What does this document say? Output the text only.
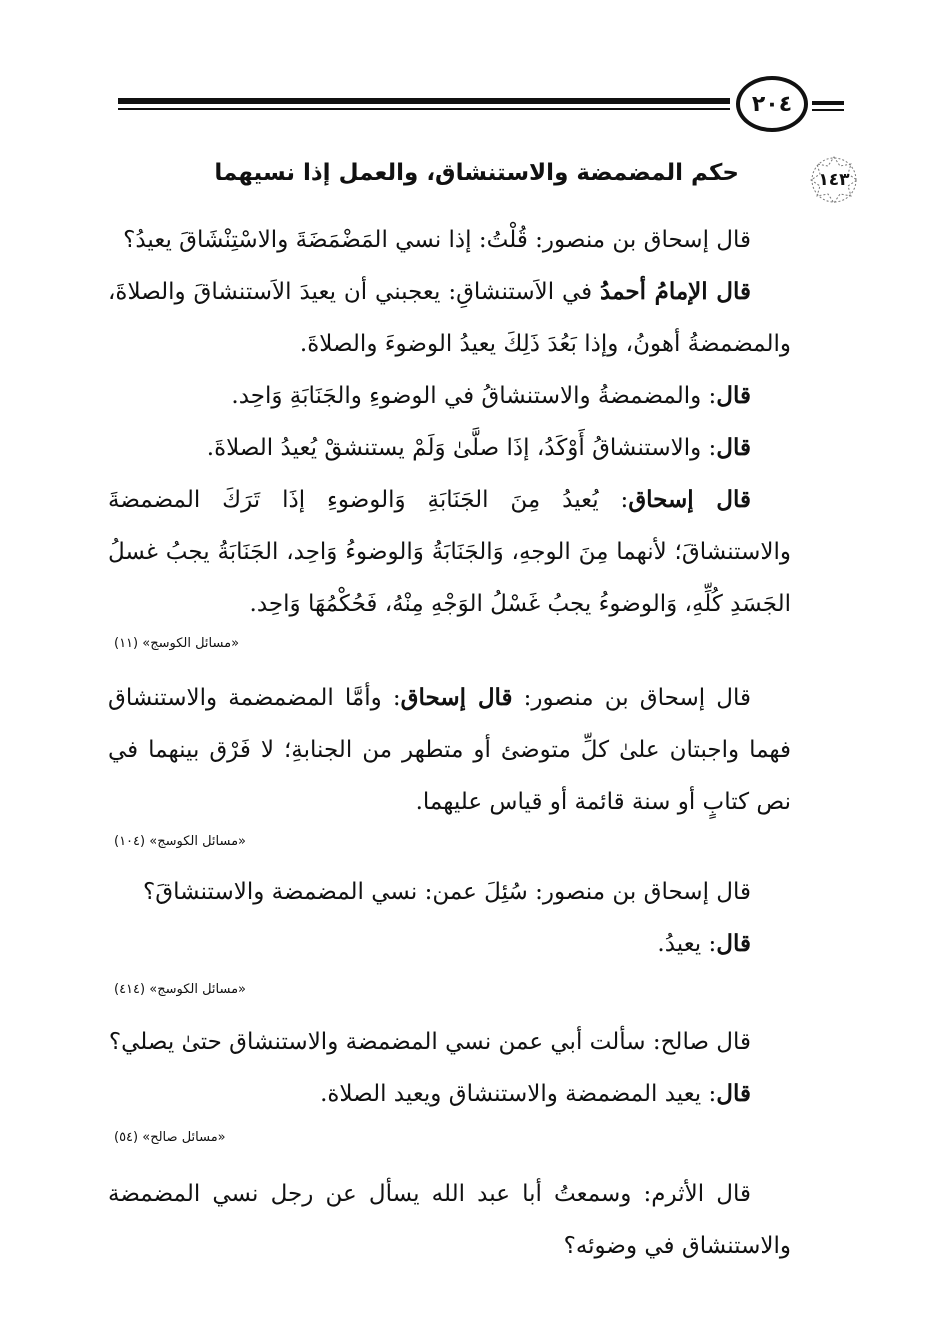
٢٠٤
١٤٣
حكم المضمضة والاستنشاق، والعمل إذا نسيهما
قال إسحاق بن منصور: قُلْتُ: إذا نسي المَضْمَضَةَ والاسْتِنْشَاقَ يعيدُ؟

قال الإمامُ أحمدُ في الاَستنشاقِ: يعجبني أن يعيدَ الاَستنشاقَ والصلاةَ، والمضمضةُ أهونُ، وإذا بَعُدَ ذَلِكَ يعيدُ الوضوءَ والصلاةَ.

قال: والمضمضةُ والاستنشاقُ في الوضوءِ والجَنَابَةِ وَاحِد.
قال: والاستنشاقُ أَوْكَدُ، إذَا صلَّىٰ وَلَمْ يستنشقْ يُعيدُ الصلاةَ.

قال إسحاق: يُعيدُ مِنَ الجَنَابَةِ وَالوضوءِ إذَا تَرَكَ المضمضةَ والاستنشاقَ؛ لأنهما مِنَ الوجهِ، وَالجَنَابَةُ وَالوضوءُ وَاحِد، الجَنَابَةُ يجبُ غسلُ الجَسَدِ كُلِّهِ، وَالوضوءُ يجبُ غَسْلُ الوَجْهِ مِنْهُ، فَحُكْمُهَا وَاحِد.

«مسائل الكوسج» (١١)

قال إسحاق بن منصور: قال إسحاق: وأمَّا المضمضمة والاستنشاق فهما واجبتان علىٰ كلِّ متوضئ أو متطهر من الجنابةِ؛ لا فَرْق بينهما في نص كتابٍ أو سنة قائمة أو قياس عليهما.

«مسائل الكوسج» (١٠٤)
قال إسحاق بن منصور: سُئِلَ عمن: نسي المضمضة والاستنشاقَ؟
قال: يعيدُ.
«مسائل الكوسج» (٤١٤)
قال صالح: سألت أبي عمن نسي المضمضة والاستنشاق حتىٰ يصلي؟
قال: يعيد المضمضة والاستنشاق ويعيد الصلاة.
«مسائل صالح» (٥٤)

قال الأثرم: وسمعتُ أبا عبد الله يسأل عن رجل نسي المضمضة والاستنشاق في وضوئه؟
